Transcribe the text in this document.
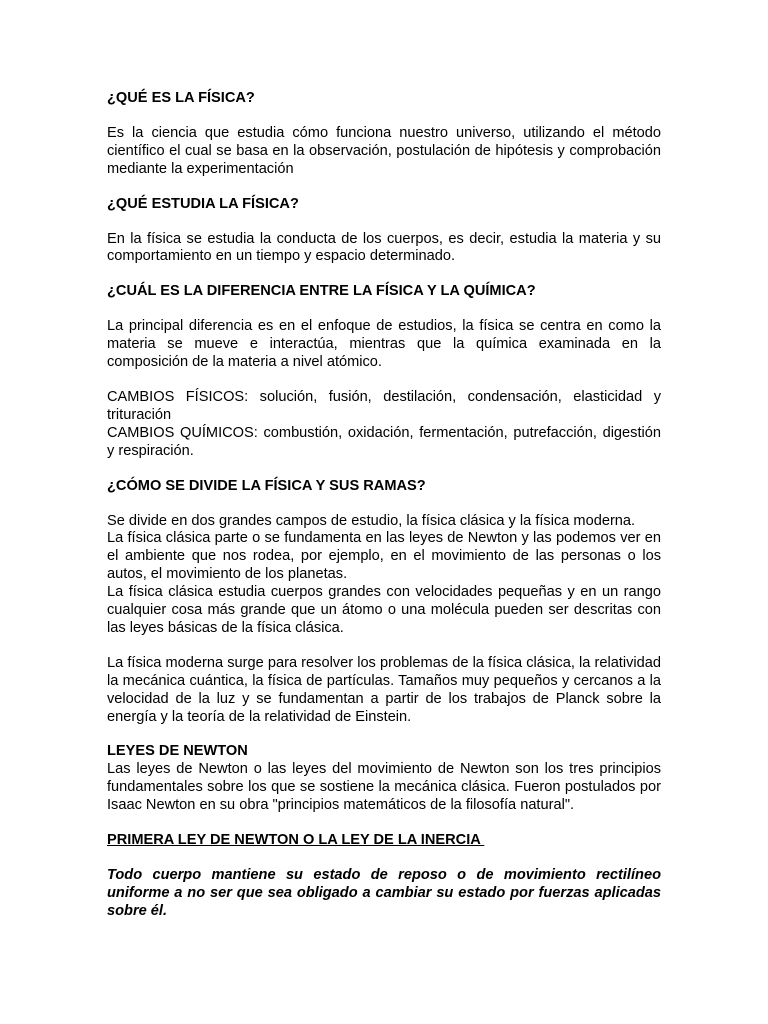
¿QUÉ ES LA FÍSICA?
Es la ciencia que estudia cómo funciona nuestro universo, utilizando el método científico el cual se basa en la observación, postulación de hipótesis y comprobación mediante la experimentación
¿QUÉ ESTUDIA LA FÍSICA?
En la física se estudia la conducta de los cuerpos, es decir, estudia la materia y su comportamiento en un tiempo y espacio determinado.
¿CUÁL ES LA DIFERENCIA ENTRE LA FÍSICA Y LA QUÍMICA?
La principal diferencia es en el enfoque de estudios, la física se centra en como la materia se mueve e interactúa, mientras que la química examinada en la composición de la materia a nivel atómico.
CAMBIOS FÍSICOS: solución, fusión, destilación, condensación, elasticidad y trituración
CAMBIOS QUÍMICOS: combustión, oxidación, fermentación, putrefacción, digestión y respiración.
¿CÓMO SE DIVIDE LA FÍSICA Y SUS RAMAS?
Se divide en dos grandes campos de estudio, la física clásica y la física moderna.
La física clásica parte o se fundamenta en las leyes de Newton y las podemos ver en el ambiente que nos rodea, por ejemplo, en el movimiento de las personas o los autos, el movimiento de los planetas.
La física clásica estudia cuerpos grandes con velocidades pequeñas y en un rango cualquier cosa más grande que un átomo o una molécula pueden ser descritas con las leyes básicas de la física clásica.
La física moderna surge para resolver los problemas de la física clásica, la relatividad la mecánica cuántica, la física de partículas. Tamaños muy pequeños y cercanos a la velocidad de la luz y se fundamentan a partir de los trabajos de Planck sobre la energía y la teoría de la relatividad de Einstein.
LEYES DE NEWTON
Las leyes de Newton o las leyes del movimiento de Newton son los tres principios fundamentales sobre los que se sostiene la mecánica clásica. Fueron postulados por Isaac Newton en su obra "principios matemáticos de la filosofía natural".
PRIMERA LEY DE NEWTON O LA LEY DE LA INERCIA
Todo cuerpo mantiene su estado de reposo o de movimiento rectilíneo uniforme a no ser que sea obligado a cambiar su estado por fuerzas aplicadas sobre él.
